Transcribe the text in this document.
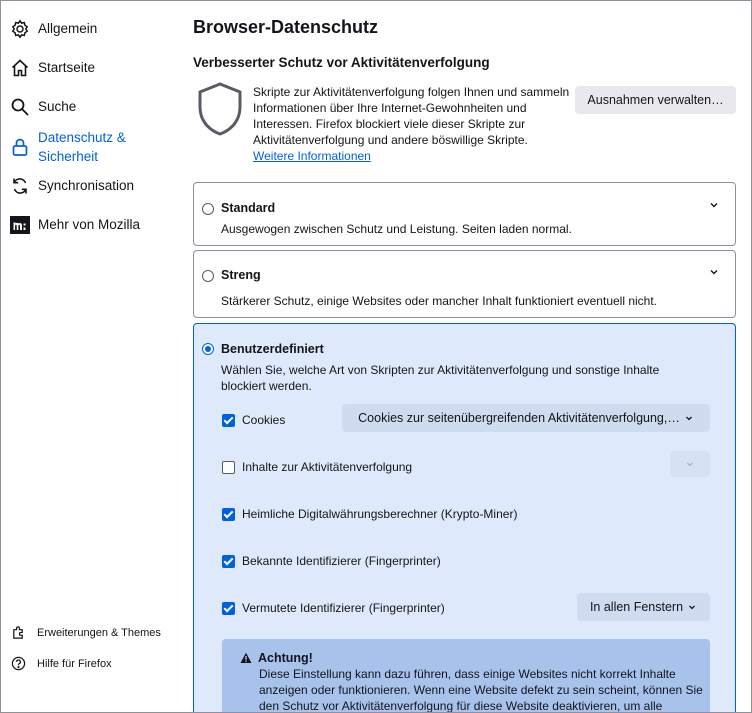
Allgemein
Startseite
Suche
Datenschutz &
Sicherheit
Synchronisation
Mehr von Mozilla
Erweiterungen & Themes
Hilfe für Firefox
Browser-Datenschutz
Verbesserter Schutz vor Aktivitätenverfolgung
Skripte zur Aktivitätenverfolgung folgen Ihnen und sammeln Informationen über Ihre Internet-Gewohnheiten und Interessen. Firefox blockiert viele dieser Skripte zur Aktivitätenverfolgung und andere böswillige Skripte.
Weitere Informationen
Ausnahmen verwalten…
Standard
Ausgewogen zwischen Schutz und Leistung. Seiten laden normal.
Streng
Stärkerer Schutz, einige Websites oder mancher Inhalt funktioniert eventuell nicht.
Benutzerdefiniert
Wählen Sie, welche Art von Skripten zur Aktivitätenverfolgung und sonstige Inhalte blockiert werden.
Cookies	Cookies zur seitenübergreifenden Aktivitätenverfolgung,…
Inhalte zur Aktivitätenverfolgung
Heimliche Digitalwährungsberechner (Krypto-Miner)
Bekannte Identifizierer (Fingerprinter)
Vermutete Identifizierer (Fingerprinter)	In allen Fenstern
Achtung!
Diese Einstellung kann dazu führen, dass einige Websites nicht korrekt Inhalte anzeigen oder funktionieren. Wenn eine Website defekt zu sein scheint, können Sie den Schutz vor Aktivitätenverfolgung für diese Website deaktivieren, um alle
